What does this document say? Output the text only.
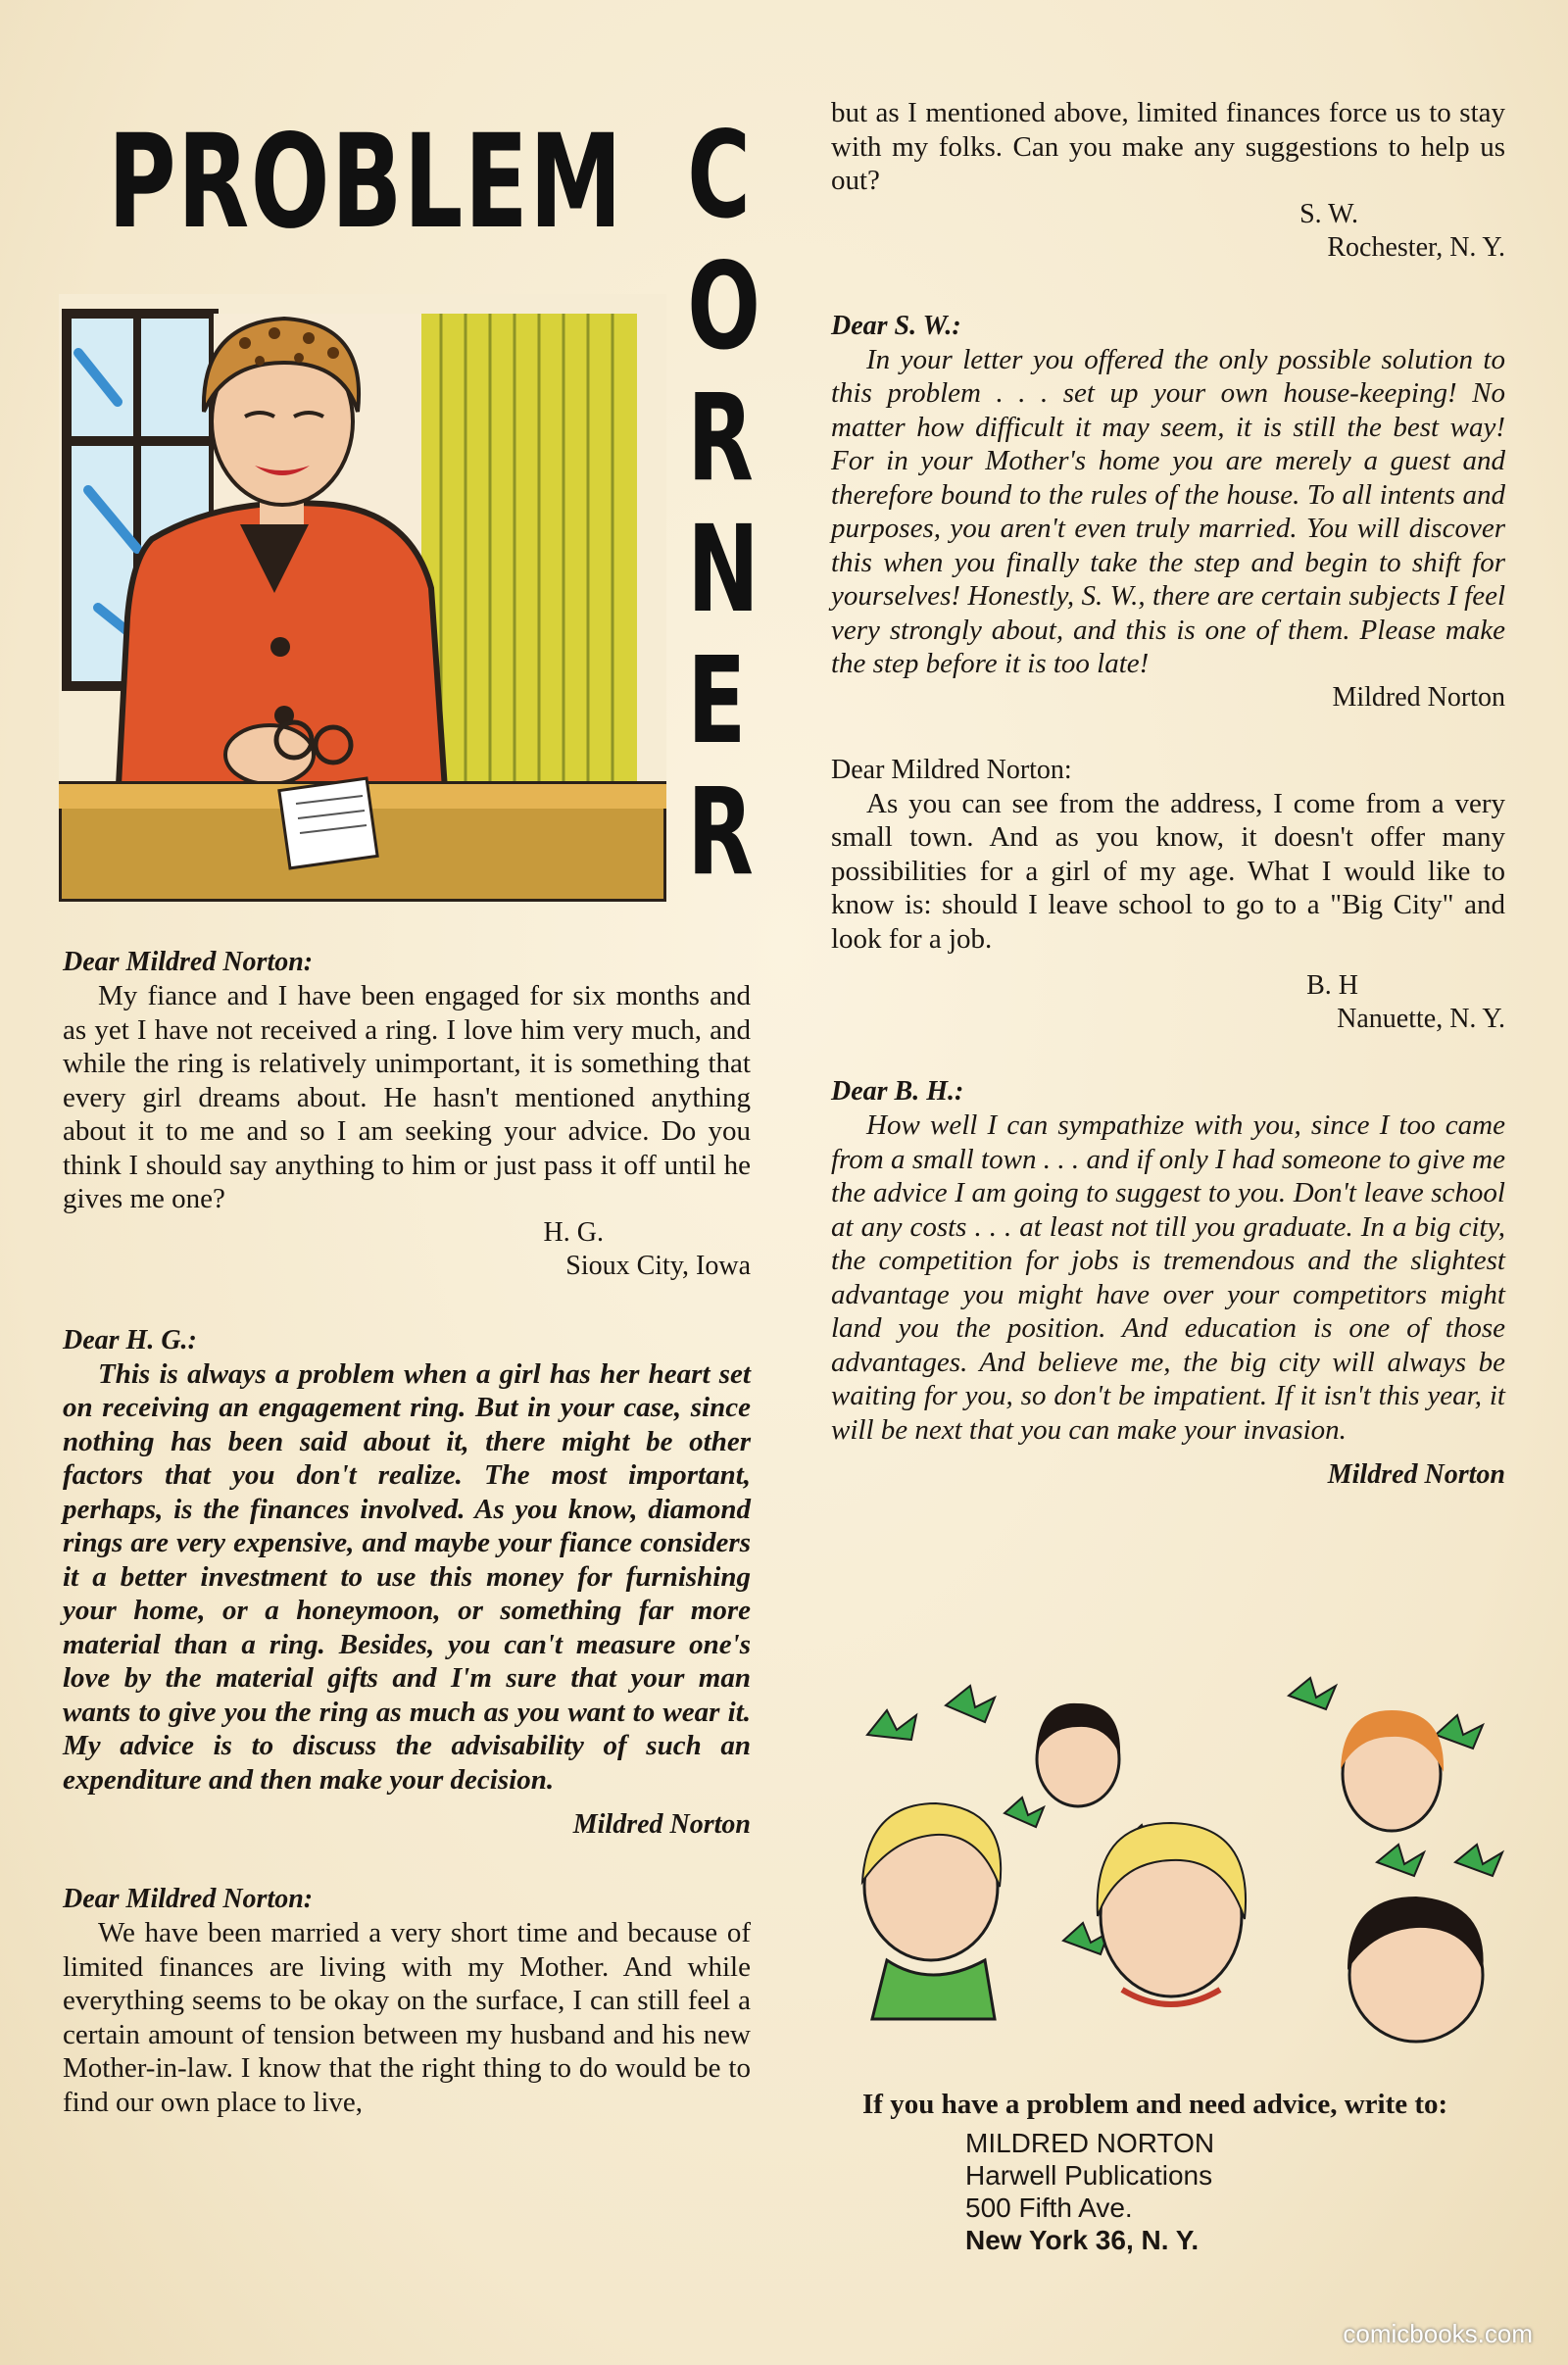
PROBLEM C
O
R
N
E
R

Dear Mildred Norton:

My fiance and I have been engaged for six months and as yet I have not received a ring. I love him very much, and while the ring is relatively unimportant, it is something that every girl dreams about. He hasn't mentioned anything about it to me and so I am seeking your advice. Do you think I should say anything to him or just pass it off until he gives me one?

H. G.

Sioux City, Iowa

Dear H. G.:

This is always a problem when a girl has her heart set on receiving an engagement ring. But in your case, since nothing has been said about it, there might be other factors that you don't realize. The most important, perhaps, is the finances involved. As you know, diamond rings are very expensive, and maybe your fiance considers it a better investment to use this money for furnishing your home, or a honeymoon, or something far more material than a ring. Besides, you can't measure one's love by the material gifts and I'm sure that your man wants to give you the ring as much as you want to wear it. My advice is to discuss the advisability of such an expenditure and then make your decision.

Mildred Norton

Dear Mildred Norton:

We have been married a very short time and because of limited finances are living with my Mother. And while everything seems to be okay on the surface, I can still feel a certain amount of tension between my husband and his new Mother-in-law. I know that the right thing to do would be to find our own place to live,

but as I mentioned above, limited finances force us to stay with my folks. Can you make any suggestions to help us out?

S. W.

Rochester, N. Y.

Dear S. W.:

In your letter you offered the only possible solution to this problem . . . set up your own house-keeping! No matter how difficult it may seem, it is still the best way! For in your Mother's home you are merely a guest and therefore bound to the rules of the house. To all intents and purposes, you aren't even truly married. You will discover this when you finally take the step and begin to shift for yourselves! Honestly, S. W., there are certain subjects I feel very strongly about, and this is one of them. Please make the step before it is too late!

Mildred Norton

Dear Mildred Norton:

As you can see from the address, I come from a very small town. And as you know, it doesn't offer many possibilities for a girl of my age. What I would like to know is: should I leave school to go to a "Big City" and look for a job.

B. H

Nanuette, N. Y.

Dear B. H.:

How well I can sympathize with you, since I too came from a small town . . . and if only I had someone to give me the advice I am going to suggest to you. Don't leave school at any costs . . . at least not till you graduate. In a big city, the competition for jobs is tremendous and the slightest advantage you might have over your competitors might land you the position. And education is one of those advantages. And believe me, the big city will always be waiting for you, so don't be impatient. If it isn't this year, it will be next that you can make your invasion.

Mildred Norton

If you have a problem and need advice, write to:

MILDRED NORTON
Harwell Publications
500 Fifth Ave.
New York 36, N. Y.
comicbooks.com
